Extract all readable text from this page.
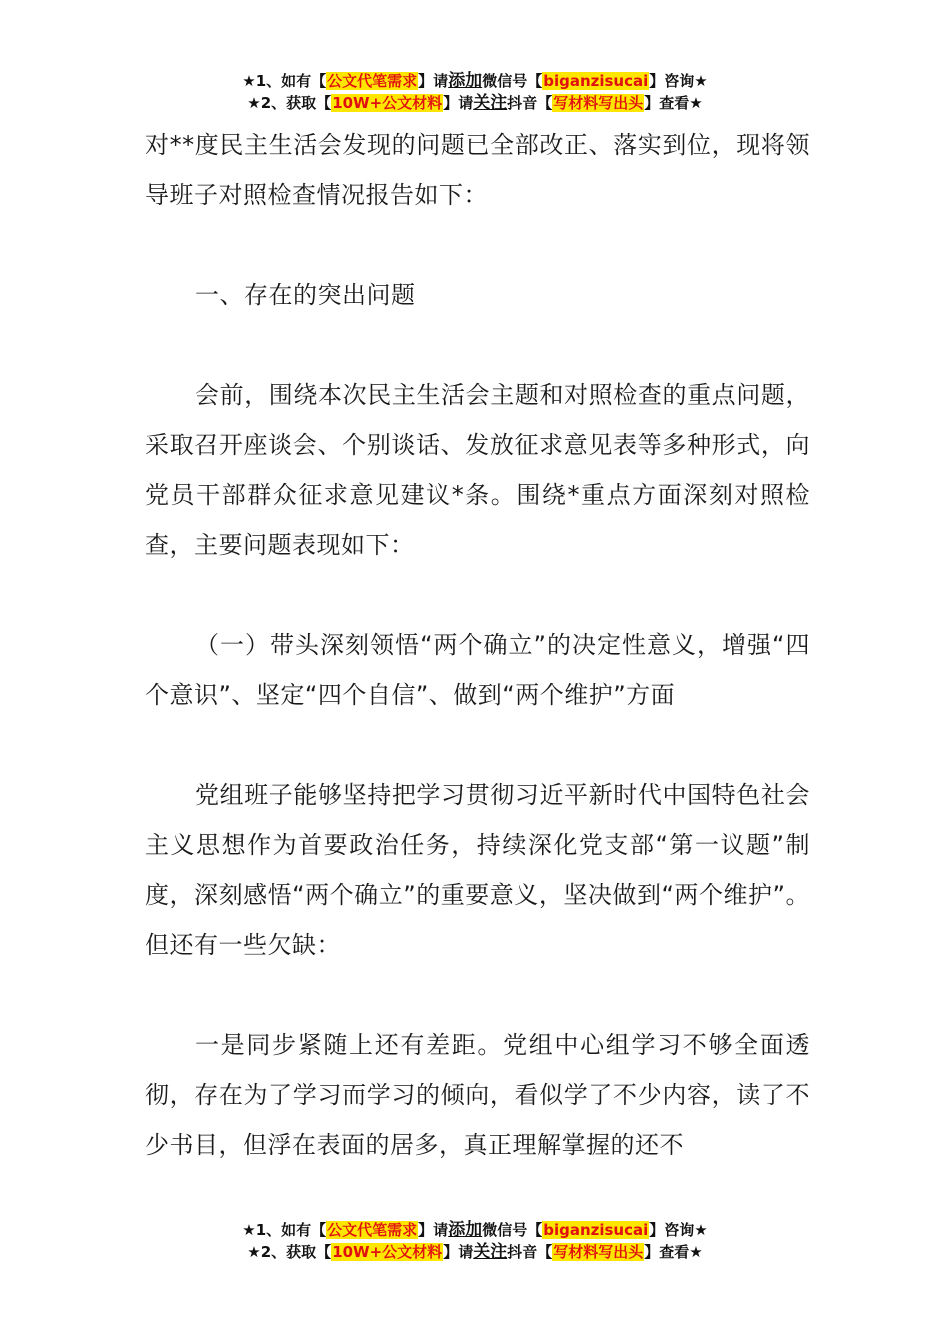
★1、如有【公文代笔需求】请添加微信号【biganzisucai】咨询★
★2、获取【10W+公文材料】请关注抖音【写材料写出头】查看★

对**度民主生活会发现的问题已全部改正、落实到位，现将领导班子对照检查情况报告如下：

一、存在的突出问题

会前，围绕本次民主生活会主题和对照检查的重点问题，采取召开座谈会、个别谈话、发放征求意见表等多种形式，向党员干部群众征求意见建议*条。围绕*重点方面深刻对照检查，主要问题表现如下：

（一）带头深刻领悟“两个确立”的决定性意义，增强“四个意识”、坚定“四个自信”、做到“两个维护”方面

党组班子能够坚持把学习贯彻习近平新时代中国特色社会主义思想作为首要政治任务，持续深化党支部“第一议题”制度，深刻感悟“两个确立”的重要意义，坚决做到“两个维护”。但还有一些欠缺：

一是同步紧随上还有差距。党组中心组学习不够全面透彻，存在为了学习而学习的倾向，看似学了不少内容，读了不少书目，但浮在表面的居多，真正理解掌握的还不

★1、如有【公文代笔需求】请添加微信号【biganzisucai】咨询★
★2、获取【10W+公文材料】请关注抖音【写材料写出头】查看★
